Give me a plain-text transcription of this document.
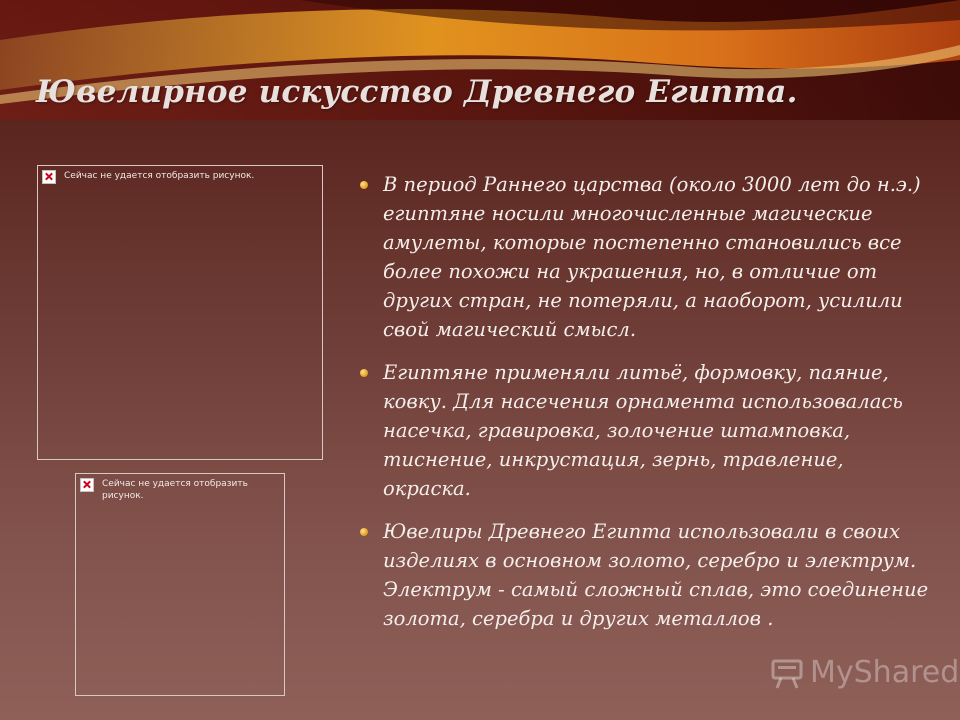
Ювелирное искусство Древнего Египта.
Сейчас не удается отобразить рисунок.
Сейчас не удается отобразить рисунок.
В период Раннего царства (около 3000 лет до н.э.) египтяне носили многочисленные магические амулеты, которые постепенно становились все более похожи на украшения, но, в отличие от других стран, не потеряли, а наоборот, усилили свой магический смысл.
Египтяне применяли литьё, формовку, паяние, ковку. Для насечения орнамента использовалась насечка, гравировка, золочение штамповка, тиснение, инкрустация, зернь, травление, окраска.
Ювелиры Древнего Египта использовали в своих изделиях в основном золото, серебро и электрум. Электрум - самый сложный сплав, это соединение золота, серебра и других металлов .
MyShared
